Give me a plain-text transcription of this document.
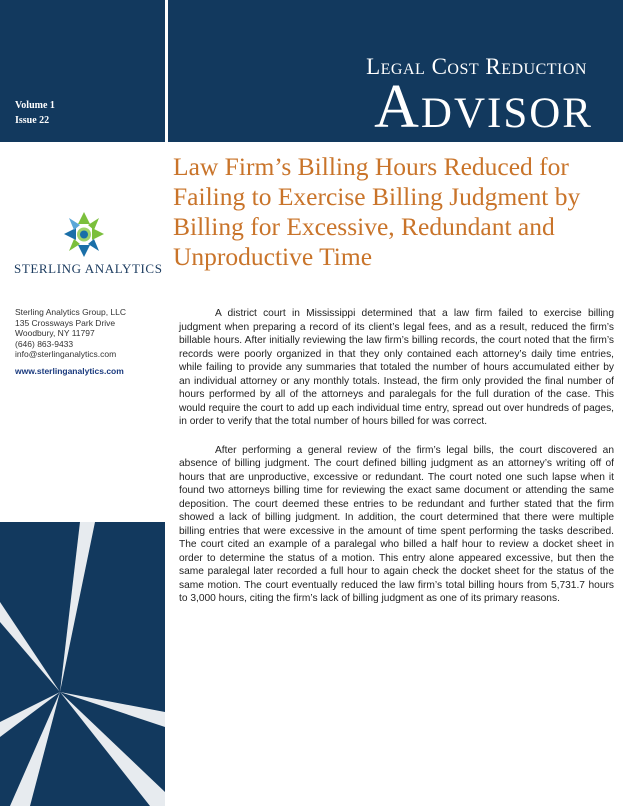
Volume 1
Issue 22
Legal Cost Reduction
Advisor
STERLING ANALYTICS
Sterling Analytics Group, LLC
135 Crossways Park Drive
Woodbury, NY 11797
(646) 863-9433
info@sterlinganalytics.com
www.sterlinganalytics.com
Law Firm’s Billing Hours Reduced for Failing to Exercise Billing Judgment by Billing for Excessive, Redundant and Unproductive Time

A district court in Mississippi determined that a law firm failed to exercise billing judgment when preparing a record of its client’s legal fees, and as a result, reduced the firm’s billable hours. After initially reviewing the law firm’s billing records, the court noted that the firm’s records were poorly organized in that they only contained each attorney’s daily time entries, while failing to provide any summaries that totaled the number of hours accumulated either by an individual attorney or any monthly totals. Instead, the firm only provided the final number of hours performed by all of the attorneys and paralegals for the full duration of the case. This would require the court to add up each individual time entry, spread out over hundreds of pages, in order to verify that the total number of hours billed for was correct.

After performing a general review of the firm’s legal bills, the court discovered an absence of billing judgment. The court defined billing judgment as an attorney’s writing off of hours that are unproductive, excessive or redundant. The court noted one such lapse when it found two attorneys billing time for reviewing the exact same document or attending the same deposition. The court deemed these entries to be redundant and further stated that the firm showed a lack of billing judgment. In addition, the court determined that there were multiple billing entries that were excessive in the amount of time spent performing the tasks described. The court cited an example of a paralegal who billed a half hour to review a docket sheet in order to determine the status of a motion. This entry alone appeared excessive, but then the same paralegal later recorded a full hour to again check the docket sheet for the status of the same motion. The court eventually reduced the law firm’s total billing hours from 5,731.7 hours to 3,000 hours, citing the firm’s lack of billing judgment as one of its primary reasons.
